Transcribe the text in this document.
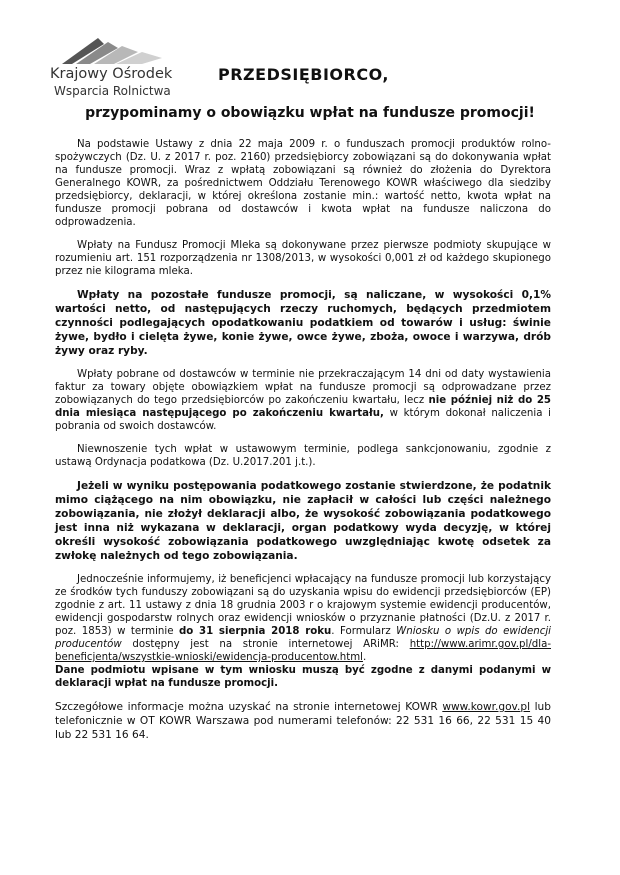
Krajowy Ośrodek
Wsparcia Rolnictwa
PRZEDSIĘBIORCO,
przypominamy o obowiązku wpłat na fundusze promocji!

Na podstawie Ustawy z dnia 22 maja 2009 r. o funduszach promocji produktów rolno-spożywczych (Dz. U. z 2017 r. poz. 2160) przedsiębiorcy zobowiązani są do dokonywania wpłat na fundusze promocji. Wraz z wpłatą zobowiązani są również do złożenia do Dyrektora Generalnego KOWR, za pośrednictwem Oddziału Terenowego KOWR właściwego dla siedziby przedsiębiorcy, deklaracji, w której określona zostanie min.: wartość netto, kwota wpłat na fundusze promocji pobrana od dostawców i kwota wpłat na fundusze naliczona do odprowadzenia.

Wpłaty na Fundusz Promocji Mleka są dokonywane przez pierwsze podmioty skupujące w rozumieniu art. 151 rozporządzenia nr 1308/2013, w wysokości 0,001 zł od każdego skupionego przez nie kilograma mleka.

Wpłaty na pozostałe fundusze promocji, są naliczane, w wysokości 0,1% wartości netto, od następujących rzeczy ruchomych, będących przedmiotem czynności podlegających opodatkowaniu podatkiem od towarów i usług: świnie żywe, bydło i cielęta żywe, konie żywe, owce żywe, zboża, owoce i warzywa, drób żywy oraz ryby.

Wpłaty pobrane od dostawców w terminie nie przekraczającym 14 dni od daty wystawienia faktur za towary objęte obowiązkiem wpłat na fundusze promocji są odprowadzane przez zobowiązanych do tego przedsiębiorców po zakończeniu kwartału, lecz nie później niż do 25 dnia miesiąca następującego po zakończeniu kwartału, w którym dokonał naliczenia i pobrania od swoich dostawców.

Niewnoszenie tych wpłat w ustawowym terminie, podlega sankcjonowaniu, zgodnie z ustawą Ordynacja podatkowa (Dz. U.2017.201 j.t.).

Jeżeli w wyniku postępowania podatkowego zostanie stwierdzone, że podatnik mimo ciążącego na nim obowiązku, nie zapłacił w całości lub części należnego zobowiązania, nie złożył deklaracji albo, że wysokość zobowiązania podatkowego jest inna niż wykazana w deklaracji, organ podatkowy wyda decyzję, w której określi wysokość zobowiązania podatkowego uwzględniając kwotę odsetek za zwłokę należnych od tego zobowiązania.

Jednocześnie informujemy, iż beneficjenci wpłacający na fundusze promocji lub korzystający ze środków tych funduszy zobowiązani są do uzyskania wpisu do ewidencji przedsiębiorców (EP) zgodnie z art. 11 ustawy z dnia 18 grudnia 2003 r o krajowym systemie ewidencji producentów, ewidencji gospodarstw rolnych oraz ewidencji wniosków o przyznanie płatności (Dz.U. z 2017 r. poz. 1853) w terminie do 31 sierpnia 2018 roku. Formularz Wniosku o wpis do ewidencji producentów dostępny jest na stronie internetowej ARiMR: http://www.arimr.gov.pl/dla-beneficjenta/wszystkie-wnioski/ewidencja-producentow.html.
Dane podmiotu wpisane w tym wniosku muszą być zgodne z danymi podanymi w deklaracji wpłat na fundusze promocji.

Szczegółowe informacje można uzyskać na stronie internetowej KOWR www.kowr.gov.pl lub telefonicznie w OT KOWR Warszawa pod numerami telefonów: 22 531 16 66, 22 531 15 40 lub 22 531 16 64.
